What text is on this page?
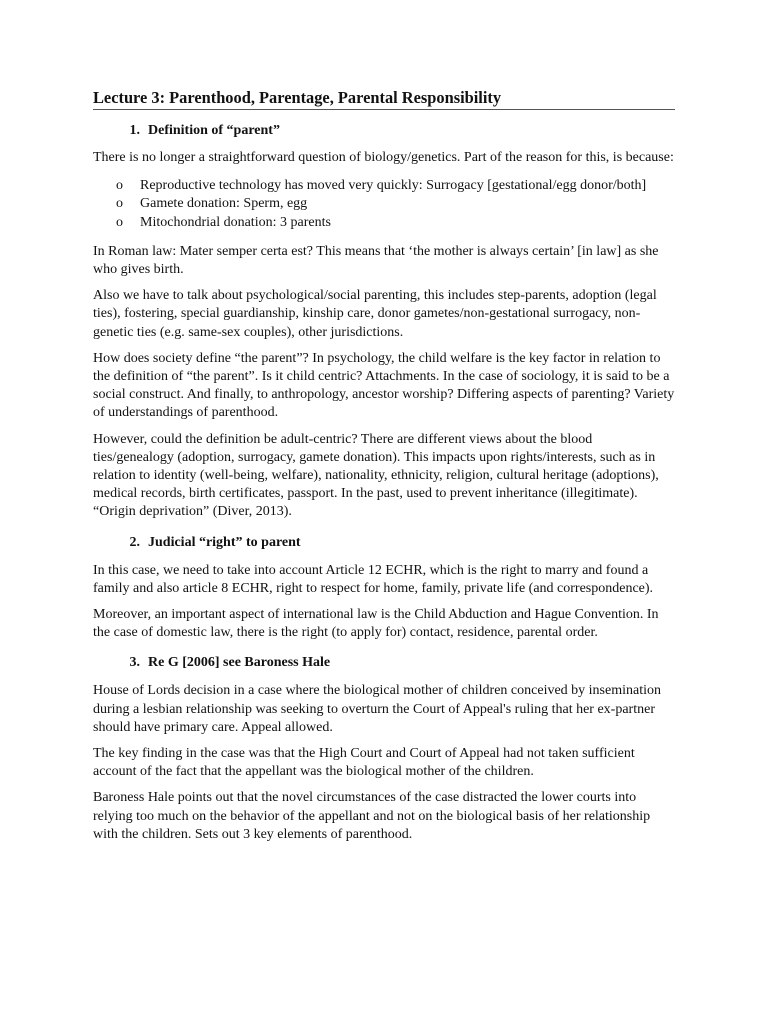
Lecture 3: Parenthood, Parentage, Parental Responsibility
1. Definition of “parent”

There is no longer a straightforward question of biology/genetics. Part of the reason for this, is because:

o	Reproductive technology has moved very quickly: Surrogacy [gestational/egg donor/both]
o	Gamete donation: Sperm, egg
o	Mitochondrial donation: 3 parents

In Roman law: Mater semper certa est? This means that ‘the mother is always certain’ [in law] as she who gives birth.

Also we have to talk about psychological/social parenting, this includes step-parents, adoption (legal ties), fostering, special guardianship, kinship care, donor gametes/non-gestational surrogacy, non-genetic ties (e.g. same-sex couples), other jurisdictions.

How does society define “the parent”? In psychology, the child welfare is the key factor in relation to the definition of “the parent”. Is it child centric? Attachments. In the case of sociology, it is said to be a social construct. And finally, to anthropology, ancestor worship? Differing aspects of parenting? Variety of understandings of parenthood.

However, could the definition be adult-centric? There are different views about the blood ties/genealogy (adoption, surrogacy, gamete donation). This impacts upon rights/interests, such as in relation to identity (well-being, welfare), nationality, ethnicity, religion, cultural heritage (adoptions), medical records, birth certificates, passport. In the past, used to prevent inheritance (illegitimate). “Origin deprivation” (Diver, 2013).

2. Judicial “right” to parent

In this case, we need to take into account Article 12 ECHR, which is the right to marry and found a family and also article 8 ECHR, right to respect for home, family, private life (and correspondence).

Moreover, an important aspect of international law is the Child Abduction and Hague Convention. In the case of domestic law, there is the right (to apply for) contact, residence, parental order.

3. Re G [2006] see Baroness Hale

House of Lords decision in a case where the biological mother of children conceived by insemination during a lesbian relationship was seeking to overturn the Court of Appeal's ruling that her ex-partner should have primary care. Appeal allowed.

The key finding in the case was that the High Court and Court of Appeal had not taken sufficient account of the fact that the appellant was the biological mother of the children.

Baroness Hale points out that the novel circumstances of the case distracted the lower courts into relying too much on the behavior of the appellant and not on the biological basis of her relationship with the children. Sets out 3 key elements of parenthood.
